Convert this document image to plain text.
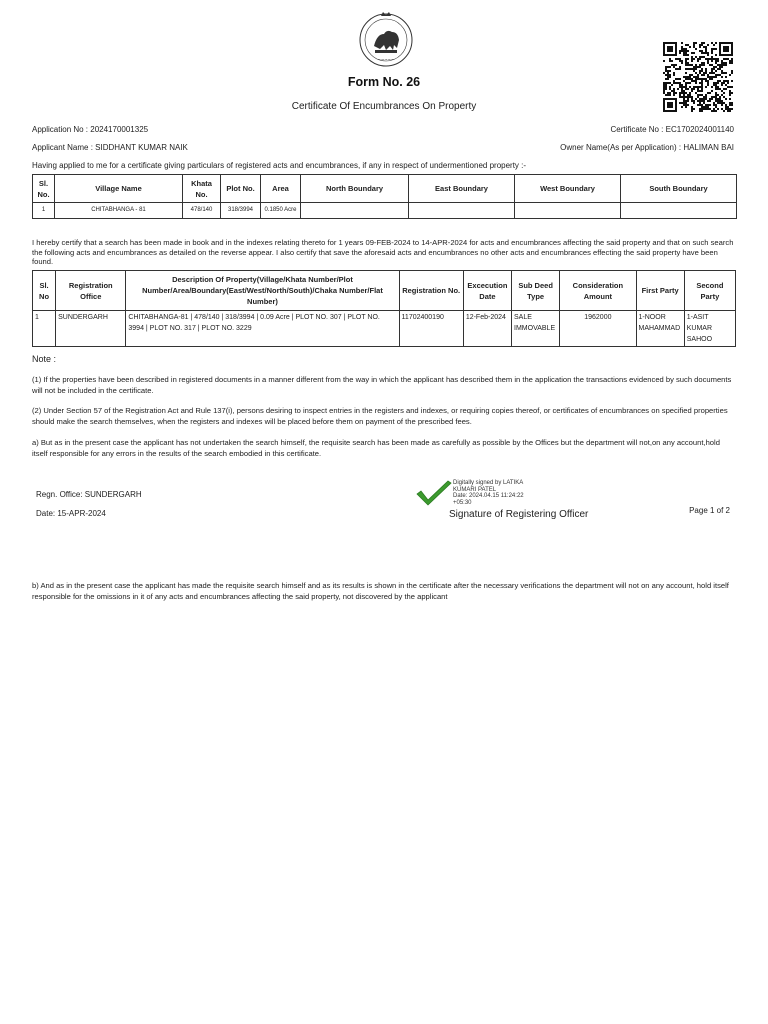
~~~~~
Form No. 26
Certificate Of Encumbrances On Property
Application No : 2024170001325	Certificate No : EC1702024001140
Applicant Name : SIDDHANT KUMAR NAIK	Owner Name(As per Application) : HALIMAN BAI
Having applied to me for a certificate giving particulars of registered acts and encumbrances, if any in respect of undermentioned property :-
Sl. No.	Village Name	Khata No.	Plot No.	Area	North Boundary	East Boundary	West Boundary	South Boundary
1	CHITABHANGA - 81	478/140	318/3994	0.1850 Acre				
I hereby certify that a search has been made in book and in the indexes relating thereto for 1 years 09-FEB-2024 to 14-APR-2024 for acts and encumbrances affecting the said property and that on such search the following acts and encumbrances as detailed on the reverse appear. I also certify that save the aforesaid acts and encumbrances no other acts and encumbrances effecting the said property have been found.
Sl. No	Registration Office	Description Of Property(Village/Khata Number/Plot Number/Area/Boundary(East/West/North/South)/Chaka Number/Flat Number)	Registration No.	Excecution Date	Sub Deed Type	Consideration Amount	First Party	Second Party
1	SUNDERGARH	CHITABHANGA-81 | 478/140 | 318/3994 | 0.09 Acre | PLOT NO. 307 | PLOT NO. 3994 | PLOT NO. 317 | PLOT NO. 3229	11702400190	12-Feb-2024	SALE IMMOVABLE	1962000	1-NOOR MAHAMMAD	1-ASIT KUMAR SAHOO
Note :
(1) If the properties have been described in registered documents in a manner different from the way in which the applicant has described them in the application the transactions evidenced by such documents will not be included in the certificate.
(2) Under Section 57 of the Registration Act and Rule 137(i), persons desiring to inspect entries in the registers and indexes, or requiring copies thereof, or certificates of encumbrances on specified properties should make the search themselves, when the registers and indexes will be placed before them on payment of the prescribed fees.
a) But as in the present case the applicant has not undertaken the search himself, the requisite search has been made as carefully as possible by the Offices but the department will not,on any account,hold itself responsible for any errors in the results of the search embodied in this certificate.
Regn. Office: SUNDERGARH
Date: 15-APR-2024
Digitally signed by LATIKA
KUMARI PATEL
Date: 2024.04.15 11:24:22
+05:30
Signature of Registering Officer	Page 1 of 2
b) And as in the present case the applicant has made the requisite search himself and as its results is shown in the certificate after the necessary verifications the department will not on any account, hold itself responsible for the omissions in it of any acts and encumbrances affecting the said property, not discovered by the applicant
